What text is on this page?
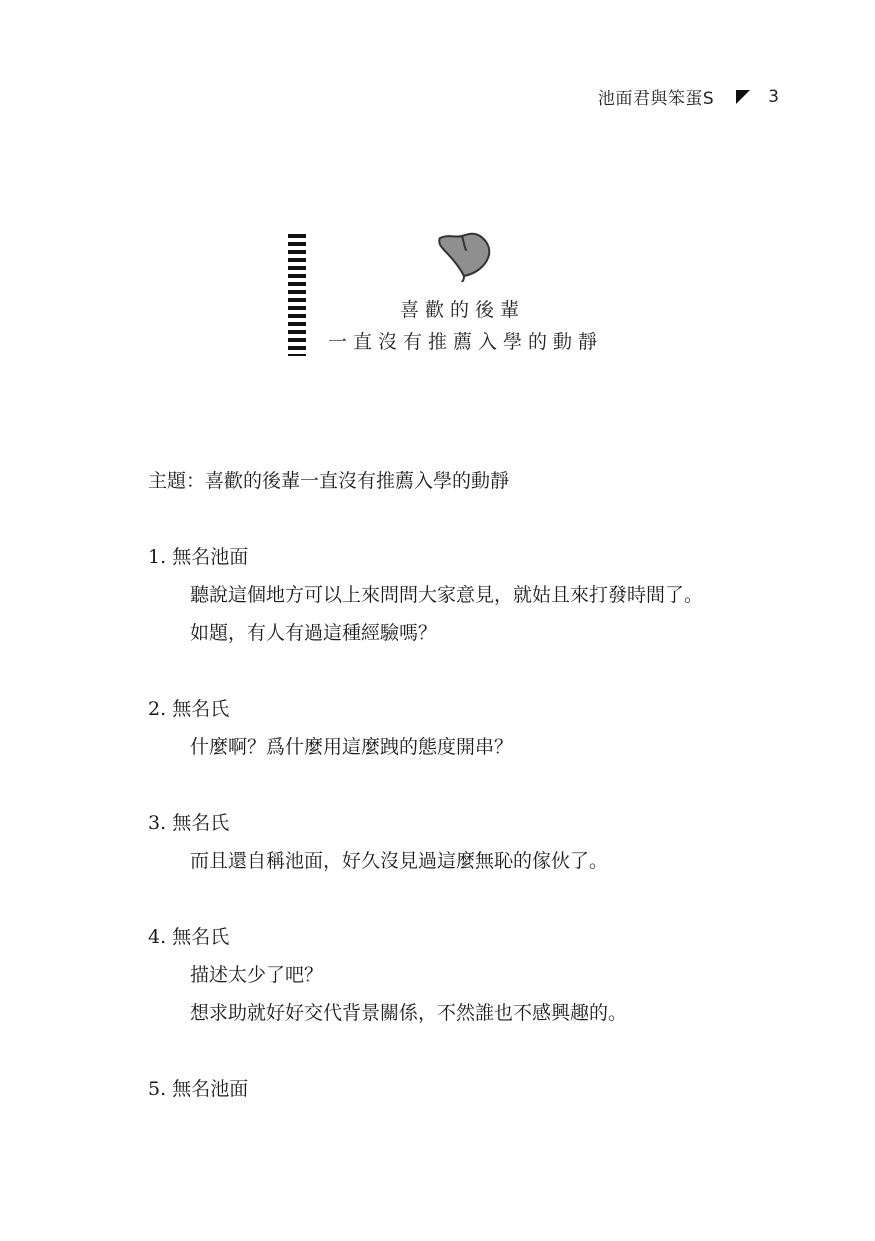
池面君與笨蛋S	3
喜歡的後輩
一直沒有推薦入學的動靜

主題：喜歡的後輩一直沒有推薦入學的動靜

1. 無名池面

聽說這個地方可以上來問問大家意見，就姑且來打發時間了。

如題，有人有過這種經驗嗎？

2. 無名氏

什麼啊？爲什麼用這麼跩的態度開串？

3. 無名氏

而且還自稱池面，好久沒見過這麼無恥的傢伙了。

4. 無名氏

描述太少了吧？

想求助就好好交代背景關係，不然誰也不感興趣的。

5. 無名池面
